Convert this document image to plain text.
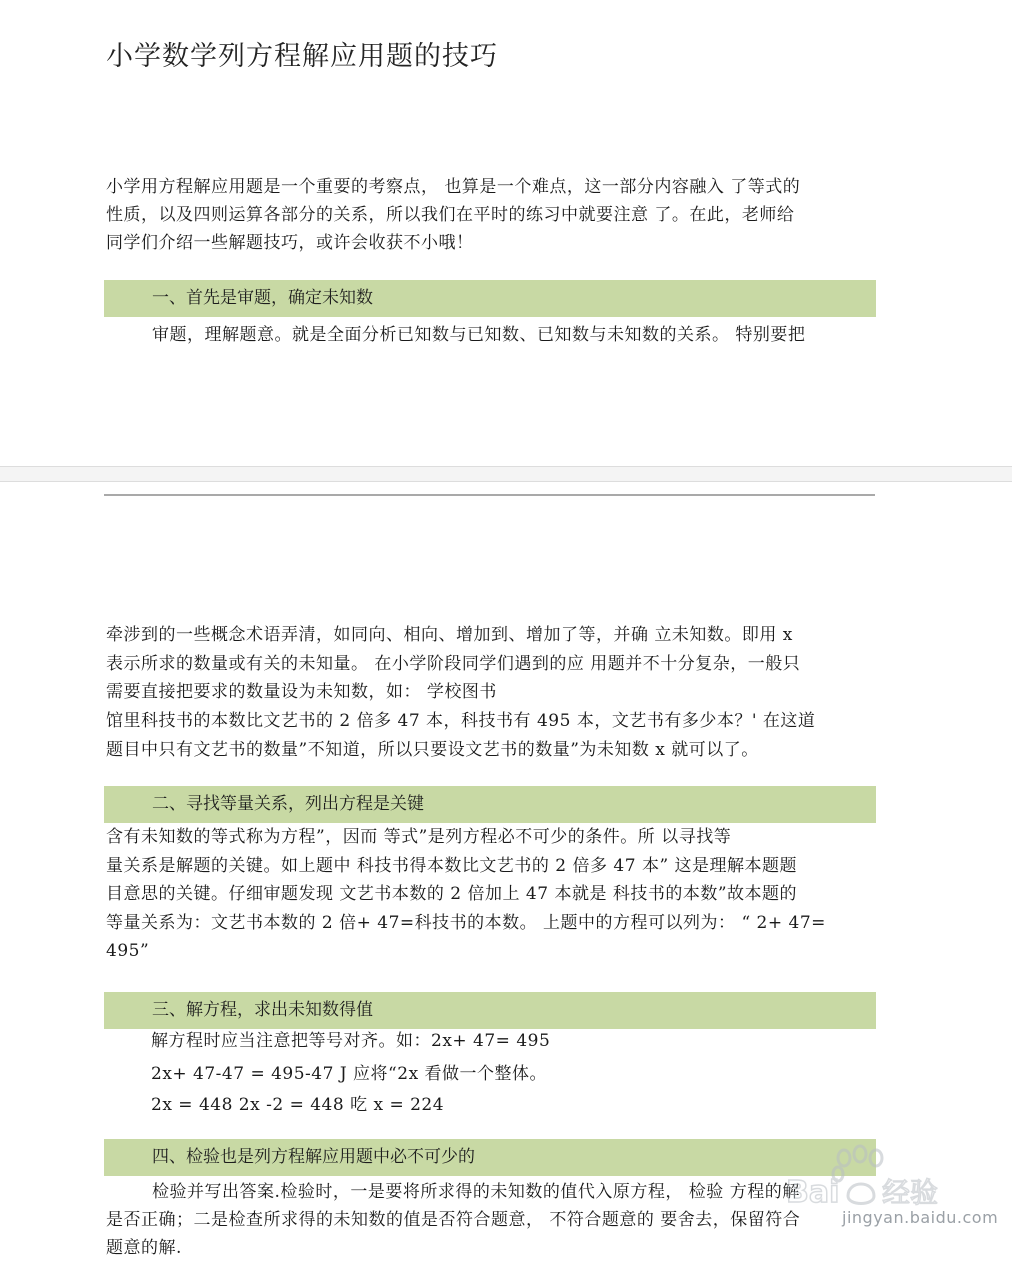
小学数学列方程解应用题的技巧
小学用方程解应用题是一个重要的考察点， 也算是一个难点，这一部分内容融入 了等式的
性质，以及四则运算各部分的关系，所以我们在平时的练习中就要注意 了。在此，老师给
同学们介绍一些解题技巧，或许会收获不小哦！
一、首先是审题，确定未知数
审题，理解题意。就是全面分析已知数与已知数、已知数与未知数的关系。 特别要把
牵涉到的一些概念术语弄清，如同向、相向、增加到、增加了等，并确 立未知数。即用 x
表示所求的数量或有关的未知量。 在小学阶段同学们遇到的应 用题并不十分复杂，一般只
需要直接把要求的数量设为未知数，如： 学校图书
馆里科技书的本数比文艺书的 2 倍多 47 本，科技书有 495 本，文艺书有多少本？' 在这道
题目中只有文艺书的数量”不知道，所以只要设文艺书的数量”为未知数 x 就可以了。
二、寻找等量关系，列出方程是关键
含有未知数的等式称为方程”，因而 等式”是列方程必不可少的条件。所 以寻找等
量关系是解题的关键。如上题中 科技书得本数比文艺书的 2 倍多 47 本” 这是理解本题题
目意思的关键。仔细审题发现 文艺书本数的 2 倍加上 47 本就是 科技书的本数”故本题的
等量关系为：文艺书本数的 2 倍+ 47=科技书的本数。 上题中的方程可以列为： “ 2+ 47=
495”
三、解方程，求出未知数得值
解方程时应当注意把等号对齐。如：2x+ 47= 495
2x+ 47-47 = 495-47 J 应将“2x 看做一个整体。
2x = 448 2x -2 = 448 吃 x = 224
四、检验也是列方程解应用题中必不可少的
检验并写出答案.检验时，一是要将所求得的未知数的值代入原方程， 检验 方程的解
是否正确；二是检查所求得的未知数的值是否符合题意， 不符合题意的 要舍去，保留符合
题意的解.
Bai 经验
jingyan.baidu.com
